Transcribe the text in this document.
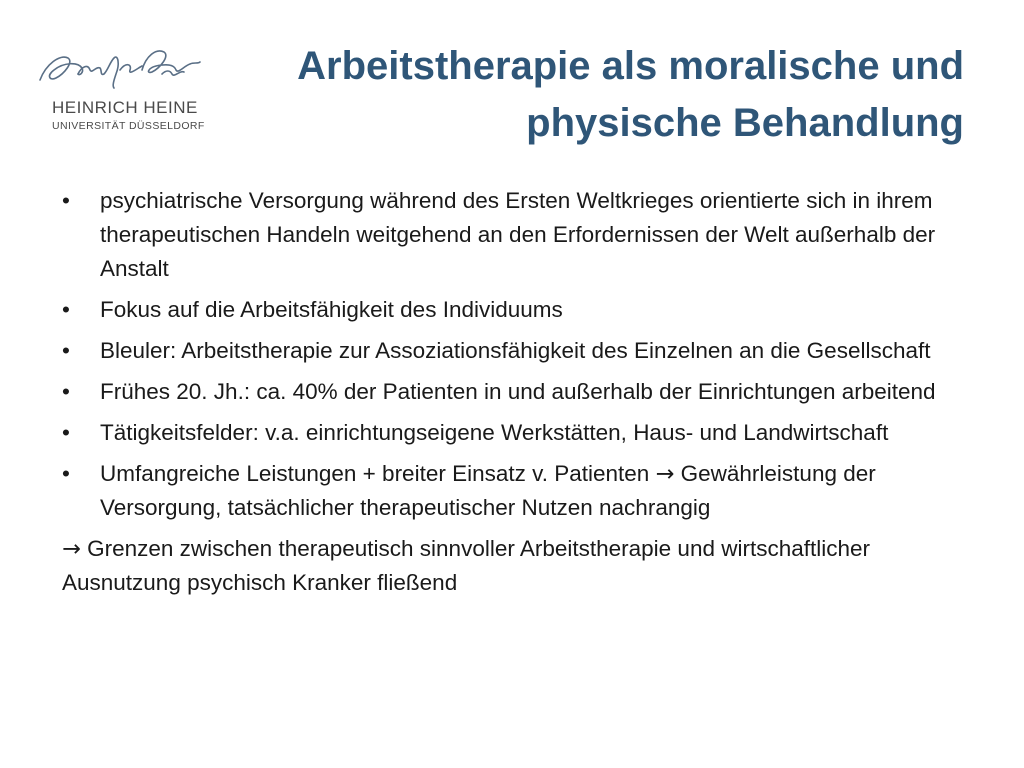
HEINRICH HEINE
UNIVERSITÄT DÜSSELDORF
Arbeitstherapie als moralische und
physische Behandlung
•	psychiatrische Versorgung während des Ersten Weltkrieges orientierte sich in ihrem therapeutischen Handeln weitgehend an den Erfordernissen der Welt außerhalb der Anstalt
•	Fokus auf die Arbeitsfähigkeit des Individuums
•	Bleuler: Arbeitstherapie zur Assoziationsfähigkeit des Einzelnen an die Gesellschaft
•	Frühes 20. Jh.: ca. 40% der Patienten in und außerhalb der Einrichtungen arbeitend
•	Tätigkeitsfelder: v.a. einrichtungseigene Werkstätten, Haus- und Landwirtschaft
•	Umfangreiche Leistungen + breiter Einsatz v. Patienten → Gewährleistung der Versorgung, tatsächlicher therapeutischer Nutzen nachrangig
→ Grenzen zwischen therapeutisch sinnvoller Arbeitstherapie und wirtschaftlicher Ausnutzung psychisch Kranker fließend
